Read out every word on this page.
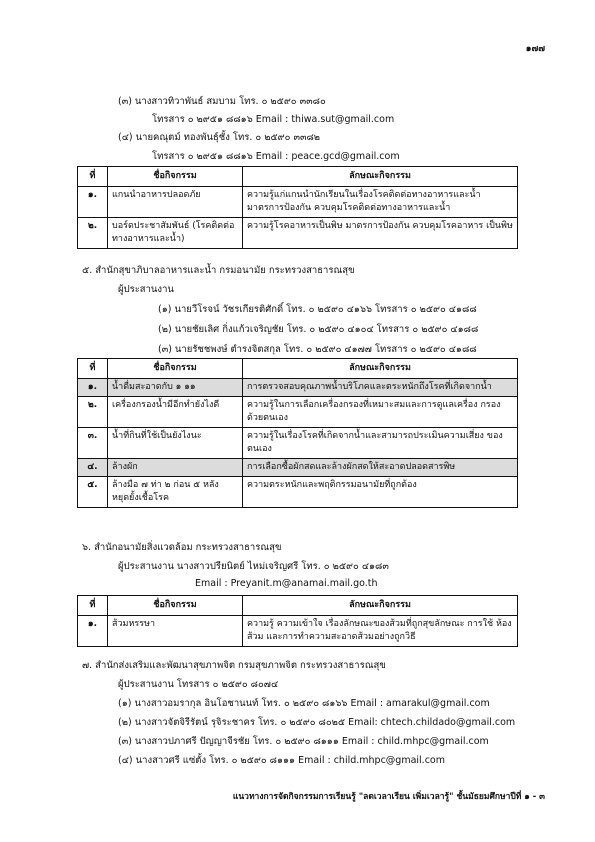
๑๗๗
(๓) นางสาวทิวาพันธ์ สมบาม โทร. ๐ ๒๕๙๐ ๓๓๘๐
โทรสาร ๐ ๒๙๕๑ ๘๘๑๖ Email : thiwa.sut@gmail.com
(๔) นายคณุตม์ ทองพันธุ์ชั้ง โทร. ๐ ๒๕๙๐ ๓๓๘๒
โทรสาร ๐ ๒๙๕๑ ๘๘๑๖ Email : peace.gcd@gmail.com
ที่	ชื่อกิจกรรม	ลักษณะกิจกรรม
๑.	แกนนำอาหารปลอดภัย	ความรู้แก่แกนนำนักเรียนในเรื่องโรคติดต่อทางอาหารและน้ำ มาตรการป้องกัน ควบคุมโรคติดต่อทางอาหารและน้ำ
๒.	บอร์ดประชาสัมพันธ์ (โรคติดต่อทางอาหารและน้ำ)	ความรู้โรคอาหารเป็นพิษ มาตรการป้องกัน ควบคุมโรคอาหาร เป็นพิษ
๕. สำนักสุขาภิบาลอาหารและน้ำ กรมอนามัย กระทรวงสาธารณสุข
ผู้ประสานงาน
(๑) นายวีโรจน์ วัชรเกียรติศักดิ์ โทร. ๐ ๒๕๙๐ ๔๑๖๖ โทรสาร ๐ ๒๕๙๐ ๔๑๘๘
(๒) นายชัยเลิศ กิ่งแก้วเจริญชัย โทร. ๐ ๒๕๙๐ ๔๑๐๔ โทรสาร ๐ ๒๕๙๐ ๔๑๘๘
(๓) นายรัชชพงษ์ ตำรงจิตสกุล โทร. ๐ ๒๕๙๐ ๔๑๗๗ โทรสาร ๐ ๒๕๙๐ ๔๑๘๘
ที่	ชื่อกิจกรรม	ลักษณะกิจกรรม
๑.	น้ำดื่มสะอาดกับ ๑ ๑๑	การตรวจสอบคุณภาพน้ำบริโภคและตระหนักถึงโรคที่เกิดจากน้ำ
๒.	เครื่องกรองน้ำมีอีกทำยังไงดี	ความรู้ในการเลือกเครื่องกรองที่เหมาะสมและการดูแลเครื่อง กรองด้วยตนเอง
๓.	น้ำที่กินที่ใช้เป็นยังไงนะ	ความรู้ในเรื่องโรคที่เกิดจากน้ำและสามารถประเมินความเสี่ยง ของตนเอง
๔.	ล้างผัก	การเลือกซื้อผักสดและล้างผักสดให้สะอาดปลอดสารพิษ
๕.	ล้างมือ ๗ ท่า ๒ ก่อน ๕ หลัง หยุดยั้งเชื้อโรค	ความตระหนักและพฤติกรรมอนามัยที่ถูกต้อง
๖. สำนักอนามัยสิ่งแวดล้อม กระทรวงสาธารณสุข
ผู้ประสานงาน นางสาวปรียนิตย์ ไหม่เจริญศรี โทร. ๐ ๒๕๙๐ ๔๑๘๓
Email : Preyanit.m@anamai.mail.go.th
ที่	ชื่อกิจกรรม	ลักษณะกิจกรรม
๑.	ส้วมหรรษา	ความรู้ ความเข้าใจ เรื่องลักษณะของส้วมที่ถูกสุขลักษณะ การใช้ ห้องส้วม และการทำความสะอาดส้วมอย่างถูกวิธี
๗. สำนักส่งเสริมและพัฒนาสุขภาพจิต กรมสุขภาพจิต กระทรวงสาธารณสุข
ผู้ประสานงาน โทรสาร ๐ ๒๕๙๐ ๘๐๗๔
(๑) นางสาวอมรากุล อินโอชานนท์ โทร. ๐ ๒๕๙๐ ๘๑๖๖ Email : amarakul@gmail.com
(๒) นางสาวจัตจิรีรัตน์ รุจิระชาคร โทร. ๐ ๒๕๙๐ ๘๐๒๕ Email: chtech.childado@gmail.com
(๓) นางสาวปภาศรี ปัญญาจีรชัย โทร. ๐ ๒๕๙๐ ๘๑๑๑ Email : child.mhpc@gmail.com
(๔) นางสาวศรี แซ่ตั้ง โทร. ๐ ๒๕๙๐ ๘๑๑๑ Email : child.mhpc@gmail.com
แนวทางการจัดกิจกรรมการเรียนรู้ "ลดเวลาเรียน เพิ่มเวลารู้" ชั้นมัธยมศึกษาปีที่ ๑ - ๓
